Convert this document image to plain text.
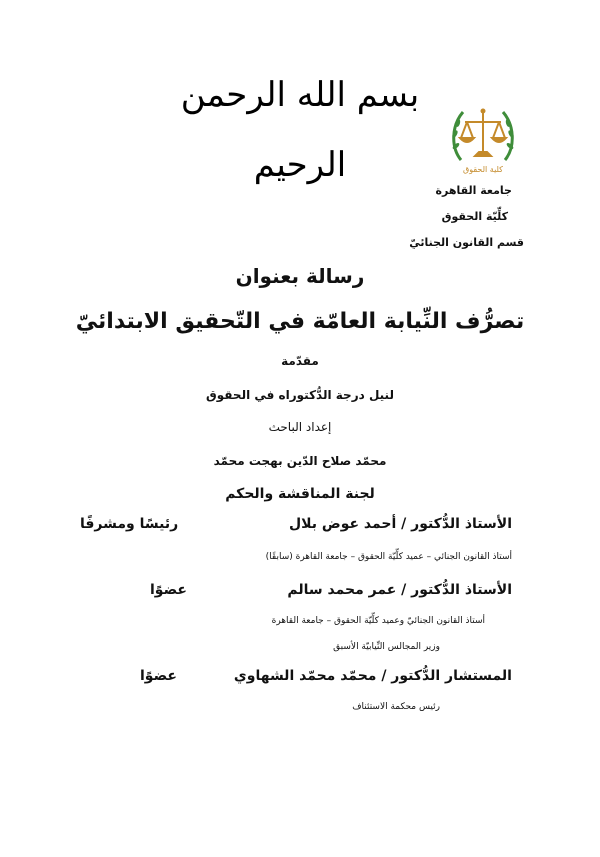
بسم الله الرحمن الرحيم	كلية الحقوق
جامعة القاهرة
كلِّيّة الحقوق
قسم القانون الجنائيّ
رسالة بعنوان
تصرُّف النِّيابة العامّة في التّحقيق الابتدائيّ
مقدّمة
لنيل درجة الدُّكتوراه في الحقوق
إعداد الباحث
محمّد صلاح الدّين بهجت محمّد
لجنة المناقشة والحكم
الأستاذ الدُّكتور / أحمد عوض بلال
رئيسًا ومشرفًا
أستاذ القانون الجنائي – عميد كلِّيّة الحقوق – جامعة القاهرة (سابقًا)
الأستاذ الدُّكتور / عمر محمد سالم
عضوًا
أستاذ القانون الجنائيّ وعميد كلِّيّة الحقوق – جامعة القاهرة
وزير المجالس النِّيابيّة الأسبق
المستشار الدُّكتور / محمّد محمّد الشهاوي
عضوًا
رئيس محكمة الاستئناف
